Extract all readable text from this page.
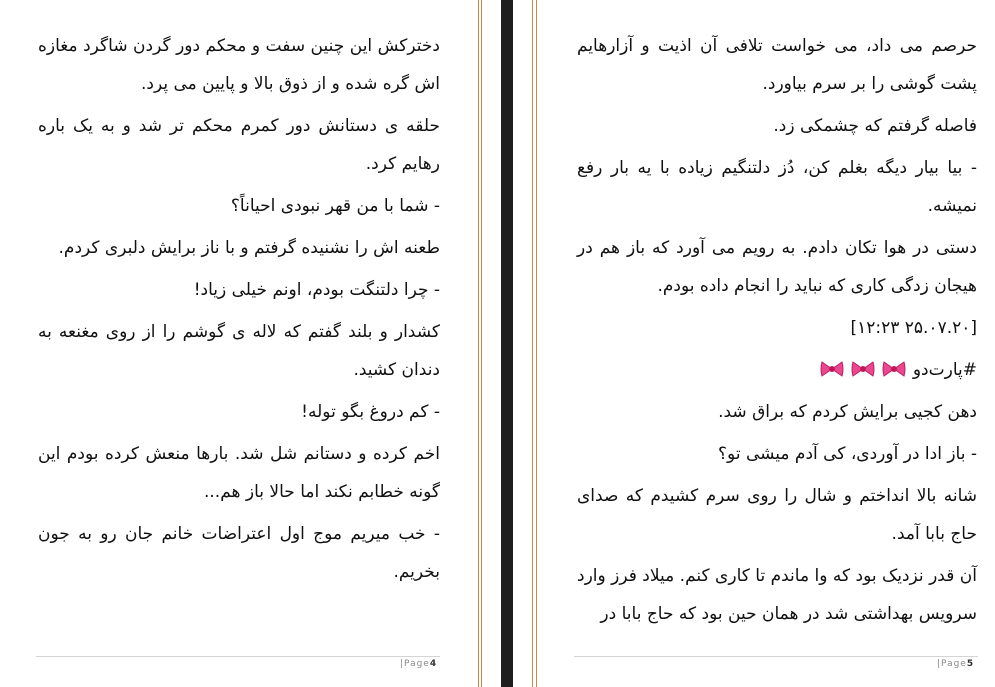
دخترکش این چنین سفت و محکم دور گردن شاگرد مغازه اش گره شده و از ذوق بالا و پایین می پرد.

حلقه ی دستانش دور کمرم محکم تر شد و به یک باره رهایم کرد.

- شما با من قهر نبودی احیاناً؟

طعنه اش را نشنیده گرفتم و با ناز برایش دلبری کردم.

- چرا دلتنگت بودم، اونم خیلی زیاد!

کشدار و بلند گفتم که لاله ی گوشم را از روی مغنعه به دندان کشید.

- کم دروغ بگو توله!

اخم کرده و دستانم شل شد. بارها منعش کرده بودم این گونه خطابم نکند اما حالا باز هم...

- خب میریم موج اول اعتراضات خانم جان رو به جون بخریم.

|Page4

حرصم می داد، می خواست تلافی آن اذیت و آزارهایم پشت گوشی را بر سرم بیاورد.

فاصله گرفتم که چشمکی زد.

- بیا بیار دیگه بغلم کن، دُز دلتنگیم زیاده با یه بار رفع نمیشه.

دستی در هوا تکان دادم. به رویم می آورد که باز هم در هیجان زدگی کاری که نباید را انجام داده بودم.

[۱۲:۲۳ ۲۵.۰۷.۲۰]

#پارت‌دو

دهن کجیی برایش کردم که براق شد.

- باز ادا در آوردی، کی آدم میشی تو؟

شانه بالا انداختم و شال را روی سرم کشیدم که صدای حاج بابا آمد.

آن قدر نزدیک بود که وا ماندم تا کاری کنم. میلاد فرز وارد سرویس بهداشتی شد در همان حین بود که حاج بابا در

|Page5
